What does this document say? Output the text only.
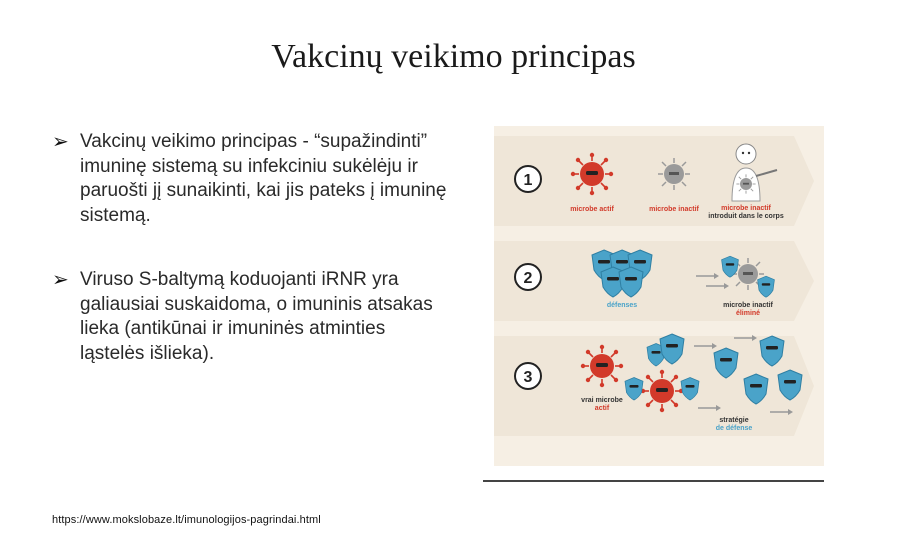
Vakcinų veikimo principas
➢ Vakcinų veikimo principas - “supažindinti” imuninę sistemą su infekciniu sukėlėju ir paruošti jį sunaikinti, kai jis pateks į imuninę sistemą.
➢ Viruso S-baltymą koduojanti iRNR yra galiausiai suskaidoma, o imuninis atsakas lieka (antikūnai ir imuninės atminties ląstelės išlieka).
https://www.mokslobaze.lt/imunologijos-pagrindai.html
1
2
3
microbe actif	microbe inactif	microbe inactif
introduit dans le corps
défenses	microbe inactif
éliminé
vrai microbe
actif
stratégie
de défense
